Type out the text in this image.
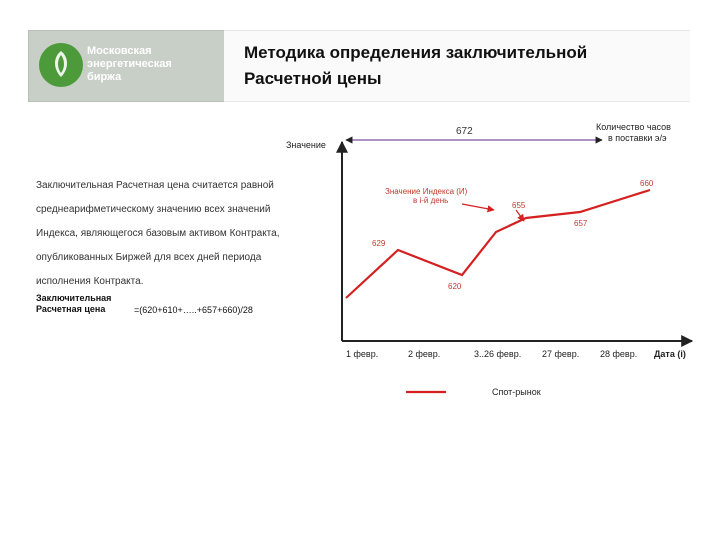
Московская
энергетическая
биржа
Методика определения заключительной
Расчетной цены
Заключительная Расчетная цена считается равной
среднеарифметическому значению всех значений
Индекса, являющегося базовым активом Контракта,
опубликованных Биржей для всех дней периода
исполнения Контракта.
Заключительная
Расчетная цена	=(620+610+…..+657+660)/28
672	Количество часов
в поставки э/э
Значение
Дата (i)
1 февр.	2 февр.	3..26 февр. 27 февр. 28 февр.
629
620
655
657
660
Значение Индекса (И)
в i-й день
Спот-рынок
